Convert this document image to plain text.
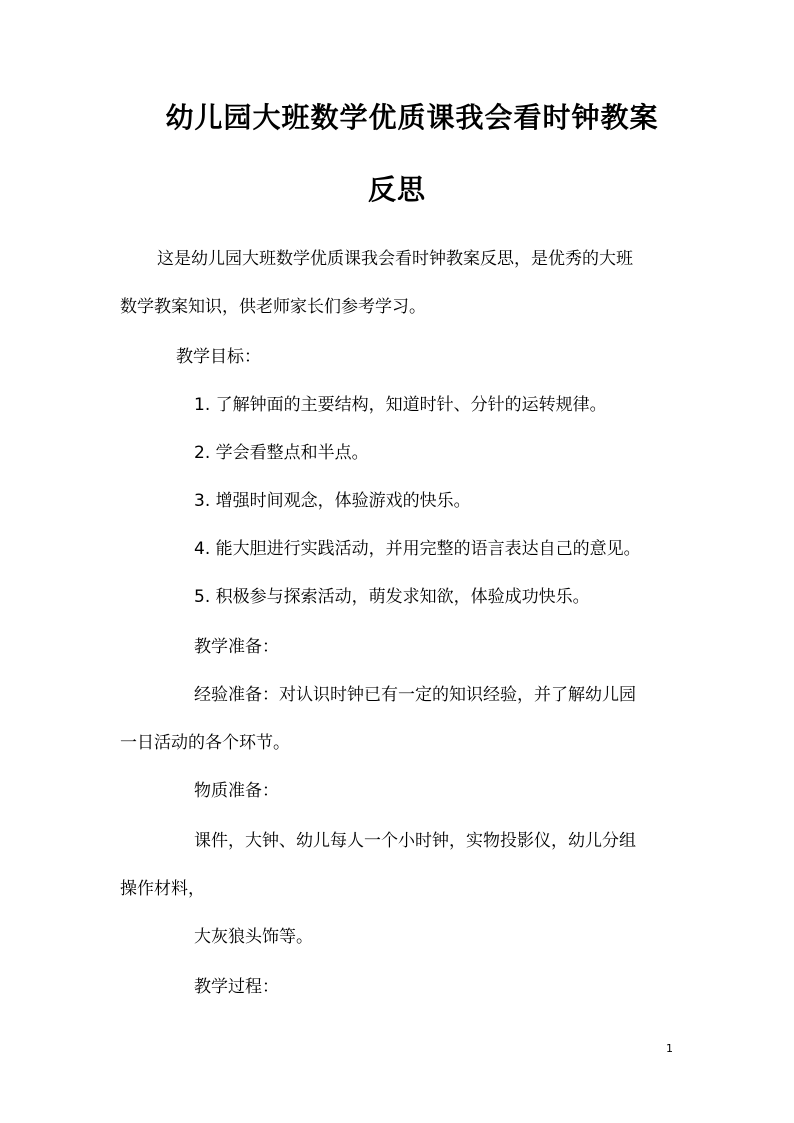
幼儿园大班数学优质课我会看时钟教案
反思
这是幼儿园大班数学优质课我会看时钟教案反思，是优秀的大班
数学教案知识，供老师家长们参考学习。
教学目标：
1. 了解钟面的主要结构，知道时针、分针的运转规律。
2. 学会看整点和半点。
3. 增强时间观念，体验游戏的快乐。
4. 能大胆进行实践活动，并用完整的语言表达自己的意见。
5. 积极参与探索活动，萌发求知欲，体验成功快乐。
教学准备：
经验准备：对认识时钟已有一定的知识经验，并了解幼儿园
一日活动的各个环节。
物质准备：
课件，大钟、幼儿每人一个小时钟，实物投影仪，幼儿分组
操作材料，
大灰狼头饰等。
教学过程：
1
